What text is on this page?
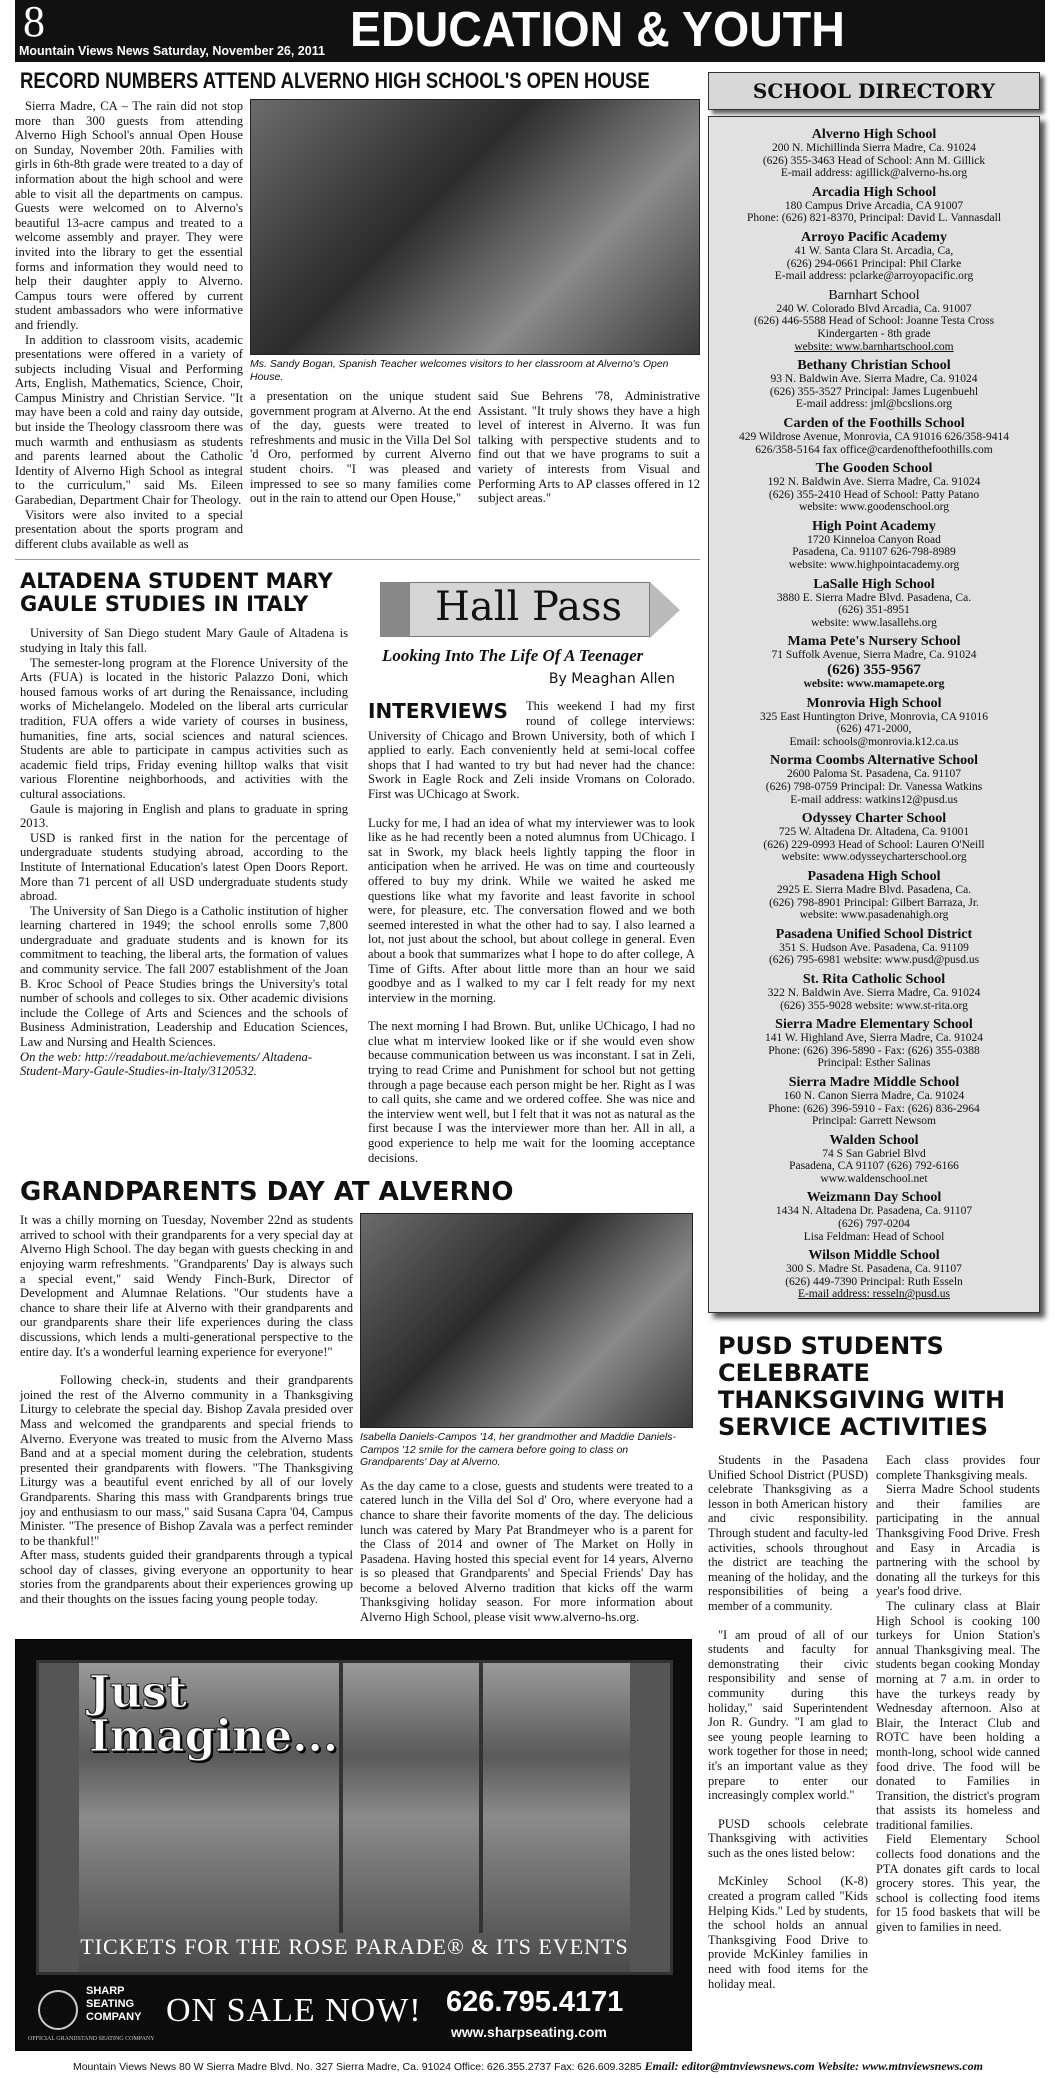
8
Mountain Views News Saturday, November 26, 2011 EDUCATION & YOUTH
RECORD NUMBERS ATTEND ALVERNO HIGH SCHOOL'S OPEN HOUSE

Sierra Madre, CA – The rain did not stop more than 300 guests from attending Alverno High School's annual Open House on Sunday, November 20th. Families with girls in 6th-8th grade were treated to a day of information about the high school and were able to visit all the departments on campus. Guests were welcomed on to Alverno's beautiful 13-acre campus and treated to a welcome assembly and prayer. They were invited into the library to get the essential forms and information they would need to help their daughter apply to Alverno. Campus tours were offered by current student ambassadors who were informative and friendly.

In addition to classroom visits, academic presentations were offered in a variety of subjects including Visual and Performing Arts, English, Mathematics, Science, Choir, Campus Ministry and Christian Service. "It may have been a cold and rainy day outside, but inside the Theology classroom there was much warmth and enthusiasm as students and parents learned about the Catholic Identity of Alverno High School as integral to the curriculum," said Ms. Eileen Garabedian, Department Chair for Theology.

Visitors were also invited to a special presentation about the sports program and different clubs available as well as

Ms. Sandy Bogan, Spanish Teacher welcomes visitors to her classroom at Alverno's Open House.
a presentation on the unique student government program at Alverno. At the end of the day, guests were treated to refreshments and music in the Villa Del Sol 'd Oro, performed by current Alverno student choirs. "I was pleased and impressed to see so many families come out in the rain to attend our Open House,"
said Sue Behrens '78, Administrative Assistant. "It truly shows they have a high level of interest in Alverno. It was fun talking with perspective students and to find out that we have programs to suit a variety of interests from Visual and Performing Arts to AP classes offered in 12 subject areas."
ALTADENA STUDENT MARY GAULE STUDIES IN ITALY

University of San Diego student Mary Gaule of Altadena is studying in Italy this fall.

The semester-long program at the Florence University of the Arts (FUA) is located in the historic Palazzo Doni, which housed famous works of art during the Renaissance, including works of Michelangelo. Modeled on the liberal arts curricular tradition, FUA offers a wide variety of courses in business, humanities, fine arts, social sciences and natural sciences. Students are able to participate in campus activities such as academic field trips, Friday evening hilltop walks that visit various Florentine neighborhoods, and activities with the cultural associations.

Gaule is majoring in English and plans to graduate in spring 2013.

USD is ranked first in the nation for the percentage of undergraduate students studying abroad, according to the Institute of International Education's latest Open Doors Report. More than 71 percent of all USD undergraduate students study abroad.

The University of San Diego is a Catholic institution of higher learning chartered in 1949; the school enrolls some 7,800 undergraduate and graduate students and is known for its commitment to teaching, the liberal arts, the formation of values and community service. The fall 2007 establishment of the Joan B. Kroc School of Peace Studies brings the University's total number of schools and colleges to six. Other academic divisions include the College of Arts and Sciences and the schools of Business Administration, Leadership and Education Sciences, Law and Nursing and Health Sciences.

On the web: http://readabout.me/achievements/ Altadena-Student-Mary-Gaule-Studies-in-Italy/3120532.
Hall Pass
Looking Into The Life Of A Teenager
By Meaghan Allen
INTERVIEWS	This weekend I had my first round of college interviews: University of Chicago and Brown University, both of which I applied to early. Each conveniently held at semi-local coffee shops that I had wanted to try but had never had the chance: Swork in Eagle Rock and Zeli inside Vromans on Colorado. First was UChicago at Swork.

Lucky for me, I had an idea of what my interviewer was to look like as he had recently been a noted alumnus from UChicago. I sat in Swork, my black heels lightly tapping the floor in anticipation when he arrived. He was on time and courteously offered to buy my drink. While we waited he asked me questions like what my favorite and least favorite in school were, for pleasure, etc. The conversation flowed and we both seemed interested in what the other had to say. I also learned a lot, not just about the school, but about college in general. Even about a book that summarizes what I hope to do after college, A Time of Gifts. After about little more than an hour we said goodbye and as I walked to my car I felt ready for my next interview in the morning.

The next morning I had Brown. But, unlike UChicago, I had no clue what m interview looked like or if she would even show because communication between us was inconstant. I sat in Zeli, trying to read Crime and Punishment for school but not getting through a page because each person might be her. Right as I was to call quits, she came and we ordered coffee. She was nice and the interview went well, but I felt that it was not as natural as the first because I was the interviewer more than her. All in all, a good experience to help me wait for the looming acceptance decisions.

GRANDPARENTS DAY AT ALVERNO

It was a chilly morning on Tuesday, November 22nd as students arrived to school with their grandparents for a very special day at Alverno High School. The day began with guests checking in and enjoying warm refreshments. "Grandparents' Day is always such a special event," said Wendy Finch-Burk, Director of Development and Alumnae Relations. "Our students have a chance to share their life at Alverno with their grandparents and our grandparents share their life experiences during the class discussions, which lends a multi-generational perspective to the entire day. It's a wonderful learning experience for everyone!"

Following check-in, students and their grandparents joined the rest of the Alverno community in a Thanksgiving Liturgy to celebrate the special day. Bishop Zavala presided over Mass and welcomed the grandparents and special friends to Alverno. Everyone was treated to music from the Alverno Mass Band and at a special moment during the celebration, students presented their grandparents with flowers. "The Thanksgiving Liturgy was a beautiful event enriched by all of our lovely Grandparents. Sharing this mass with Grandparents brings true joy and enthusiasm to our mass," said Susana Capra '04, Campus Minister. "The presence of Bishop Zavala was a perfect reminder to be thankful!"

After mass, students guided their grandparents through a typical school day of classes, giving everyone an opportunity to hear stories from the grandparents about their experiences growing up and their thoughts on the issues facing young people today.

Isabella Daniels-Campos '14, her grandmother and Maddie Daniels-Campos '12 smile for the camera before going to class on Grandparents' Day at Alverno.
As the day came to a close, guests and students were treated to a catered lunch in the Villa del Sol d' Oro, where everyone had a chance to share their favorite moments of the day. The delicious lunch was catered by Mary Pat Brandmeyer who is a parent for the Class of 2014 and owner of The Market on Holly in Pasadena. Having hosted this special event for 14 years, Alverno is so pleased that Grandparents' and Special Friends' Day has become a beloved Alverno tradition that kicks off the warm Thanksgiving holiday season. For more information about Alverno High School, please visit www.alverno-hs.org.
Just Imagine...
TICKETS FOR THE ROSE PARADE® & ITS EVENTS
SHARP
SEATING
COMPANY
OFFICIAL GRANDSTAND SEATING COMPANY
ON SALE NOW! 626.795.4171
www.sharpseating.com
SCHOOL DIRECTORY
Alverno High School
200 N. Michillinda Sierra Madre, Ca. 91024
(626) 355-3463 Head of School: Ann M. Gillick
E-mail address: agillick@alverno-hs.org
Arcadia High School
180 Campus Drive Arcadia, CA 91007
Phone: (626) 821-8370, Principal: David L. Vannasdall
Arroyo Pacific Academy
41 W. Santa Clara St. Arcadia, Ca,
(626) 294-0661 Principal: Phil Clarke
E-mail address: pclarke@arroyopacific.org
Barnhart School
240 W. Colorado Blvd Arcadia, Ca. 91007
(626) 446-5588 Head of School: Joanne Testa Cross
Kindergarten - 8th grade
website: www.barnhartschool.com
Bethany Christian School
93 N. Baldwin Ave. Sierra Madre, Ca. 91024
(626) 355-3527 Principal: James Lugenbuehl
E-mail address: jml@bcslions.org
Carden of the Foothills School
429 Wildrose Avenue, Monrovia, CA 91016 626/358-9414
626/358-5164 fax office@cardenofthefoothills.com
The Gooden School
192 N. Baldwin Ave. Sierra Madre, Ca. 91024
(626) 355-2410 Head of School: Patty Patano
website: www.goodenschool.org
High Point Academy
1720 Kinneloa Canyon Road
Pasadena, Ca. 91107 626-798-8989
website: www.highpointacademy.org
LaSalle High School
3880 E. Sierra Madre Blvd. Pasadena, Ca.
(626) 351-8951
website: www.lasallehs.org
Mama Pete's Nursery School
71 Suffolk Avenue, Sierra Madre, Ca. 91024
(626) 355-9567
website: www.mamapete.org
Monrovia High School
325 East Huntington Drive, Monrovia, CA 91016
(626) 471-2000,
Email: schools@monrovia.k12.ca.us
Norma Coombs Alternative School
2600 Paloma St. Pasadena, Ca. 91107
(626) 798-0759 Principal: Dr. Vanessa Watkins
E-mail address: watkins12@pusd.us
Odyssey Charter School
725 W. Altadena Dr. Altadena, Ca. 91001
(626) 229-0993 Head of School: Lauren O'Neill
website: www.odysseycharterschool.org
Pasadena High School
2925 E. Sierra Madre Blvd. Pasadena, Ca.
(626) 798-8901 Principal: Gilbert Barraza, Jr.
website: www.pasadenahigh.org
Pasadena Unified School District
351 S. Hudson Ave. Pasadena, Ca. 91109
(626) 795-6981 website: www.pusd@pusd.us
St. Rita Catholic School
322 N. Baldwin Ave. Sierra Madre, Ca. 91024
(626) 355-9028 website: www.st-rita.org
Sierra Madre Elementary School
141 W. Highland Ave, Sierra Madre, Ca. 91024
Phone: (626) 396-5890 - Fax: (626) 355-0388
Principal: Esther Salinas
Sierra Madre Middle School
160 N. Canon Sierra Madre, Ca. 91024
Phone: (626) 396-5910 - Fax: (626) 836-2964
Principal: Garrett Newsom
Walden School
74 S San Gabriel Blvd
Pasadena, CA 91107 (626) 792-6166
www.waldenschool.net
Weizmann Day School
1434 N. Altadena Dr. Pasadena, Ca. 91107
(626) 797-0204
Lisa Feldman: Head of School
Wilson Middle School
300 S. Madre St. Pasadena, Ca. 91107
(626) 449-7390 Principal: Ruth Esseln
E-mail address: resseln@pusd.us
PUSD STUDENTS CELEBRATE THANKSGIVING WITH SERVICE ACTIVITIES

Students in the Pasadena Unified School District (PUSD) celebrate Thanksgiving as a lesson in both American history and civic responsibility. Through student and faculty-led activities, schools throughout the district are teaching the meaning of the holiday, and the responsibilities of being a member of a community.

"I am proud of all of our students and faculty for demonstrating their civic responsibility and sense of community during this holiday," said Superintendent Jon R. Gundry. "I am glad to see young people learning to work together for those in need; it's an important value as they prepare to enter our increasingly complex world."

PUSD schools celebrate Thanksgiving with activities such as the ones listed below:

McKinley School (K-8) created a program called "Kids Helping Kids." Led by students, the school holds an annual Thanksgiving Food Drive to provide McKinley families in need with food items for the holiday meal.

Each class provides four complete Thanksgiving meals.

Sierra Madre School students and their families are participating in the annual Thanksgiving Food Drive. Fresh and Easy in Arcadia is partnering with the school by donating all the turkeys for this year's food drive.

The culinary class at Blair High School is cooking 100 turkeys for Union Station's annual Thanksgiving meal. The students began cooking Monday morning at 7 a.m. in order to have the turkeys ready by Wednesday afternoon. Also at Blair, the Interact Club and ROTC have been holding a month-long, school wide canned food drive. The food will be donated to Families in Transition, the district's program that assists its homeless and traditional families.

Field Elementary School collects food donations and the PTA donates gift cards to local grocery stores. This year, the school is collecting food items for 15 food baskets that will be given to families in need.

Mountain Views News 80 W Sierra Madre Blvd. No. 327 Sierra Madre, Ca. 91024 Office: 626.355.2737 Fax: 626.609.3285 Email: editor@mtnviewsnews.com Website: www.mtnviewsnews.com
